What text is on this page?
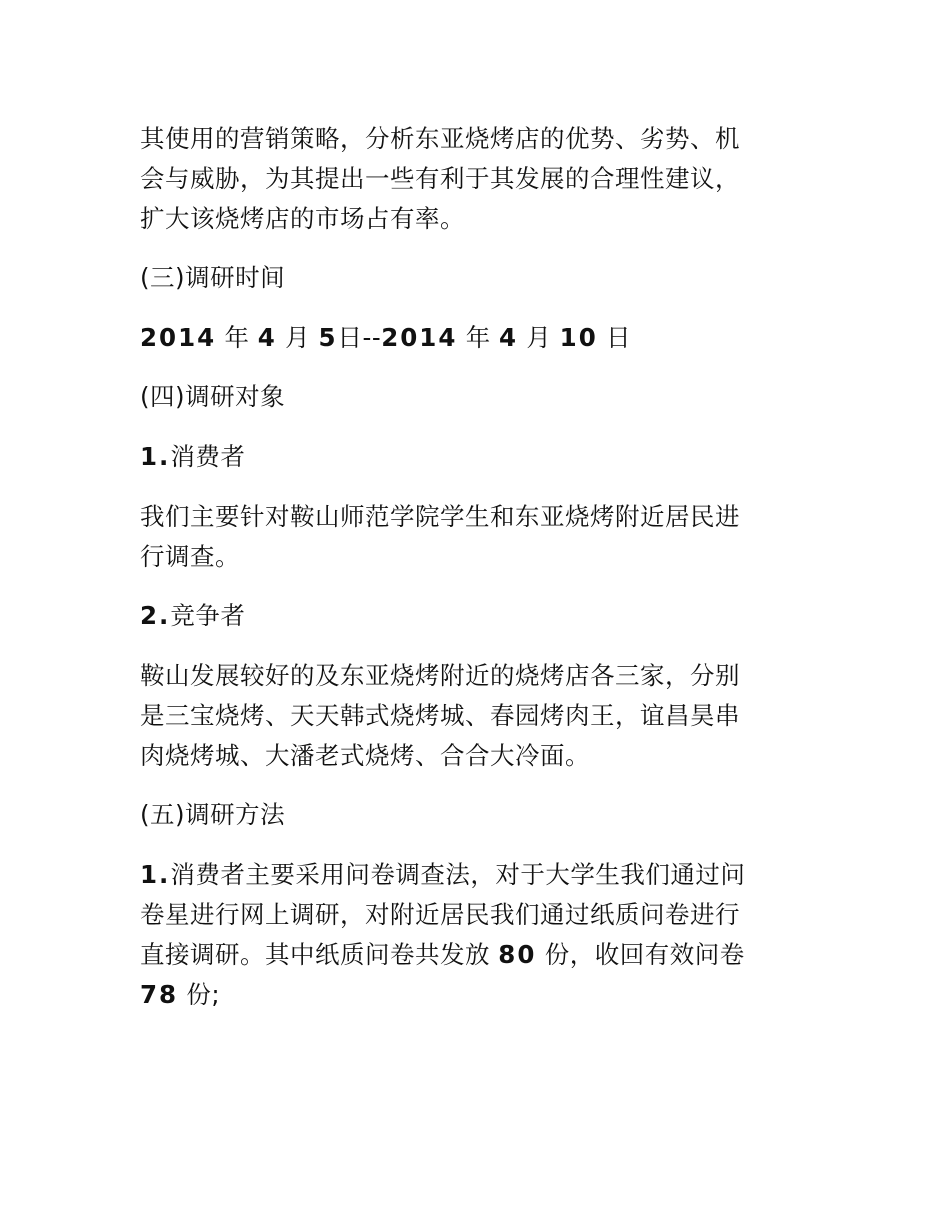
其使用的营销策略，分析东亚烧烤店的优势、劣势、机
会与威胁，为其提出一些有利于其发展的合理性建议，
扩大该烧烤店的市场占有率。
(三)调研时间
2014 年 4 月 5日--2014 年 4 月 10 日
(四)调研对象
1.消费者
我们主要针对鞍山师范学院学生和东亚烧烤附近居民进
行调查。
2.竞争者
鞍山发展较好的及东亚烧烤附近的烧烤店各三家，分别
是三宝烧烤、天天韩式烧烤城、春园烤肉王，谊昌昊串
肉烧烤城、大潘老式烧烤、合合大冷面。
(五)调研方法
1.消费者主要采用问卷调查法，对于大学生我们通过问
卷星进行网上调研，对附近居民我们通过纸质问卷进行
直接调研。其中纸质问卷共发放 80 份，收回有效问卷
78 份;
